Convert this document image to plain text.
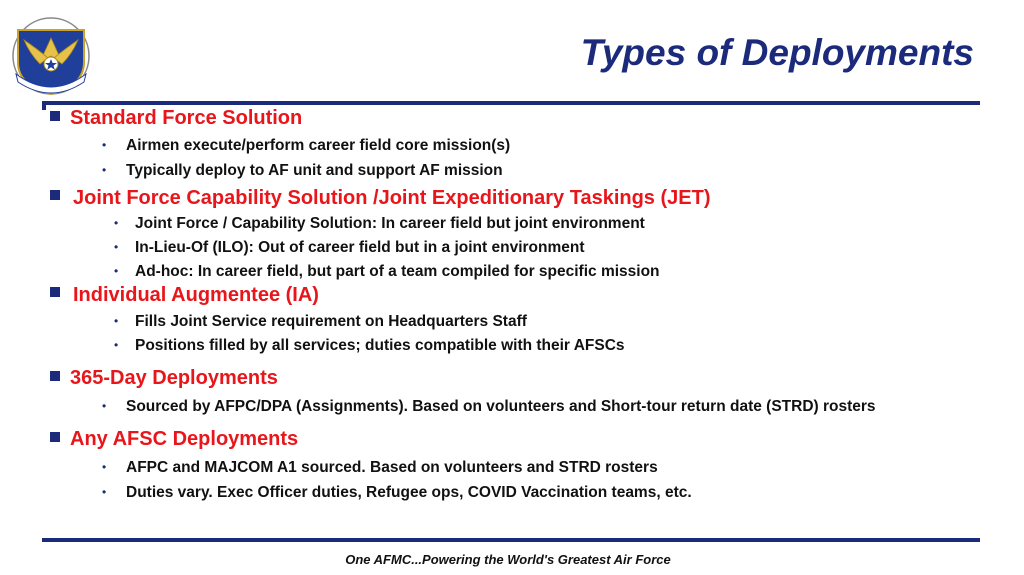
Types of Deployments
Standard Force Solution
• Airmen execute/perform career field core mission(s)
• Typically deploy to AF unit and support AF mission
Joint Force Capability Solution /Joint Expeditionary Taskings (JET)
• Joint Force / Capability Solution: In career field but joint environment
• In-Lieu-Of (ILO): Out of career field but in a joint environment
• Ad-hoc: In career field, but part of a team compiled for specific mission
Individual Augmentee (IA)
• Fills Joint Service requirement on Headquarters Staff
• Positions filled by all services; duties compatible with their AFSCs
365-Day Deployments
• Sourced by AFPC/DPA (Assignments). Based on volunteers and Short-tour return date (STRD) rosters
Any AFSC Deployments
• AFPC and MAJCOM A1 sourced. Based on volunteers and STRD rosters
• Duties vary. Exec Officer duties, Refugee ops, COVID Vaccination teams, etc.
One AFMC...Powering the World's Greatest Air Force
